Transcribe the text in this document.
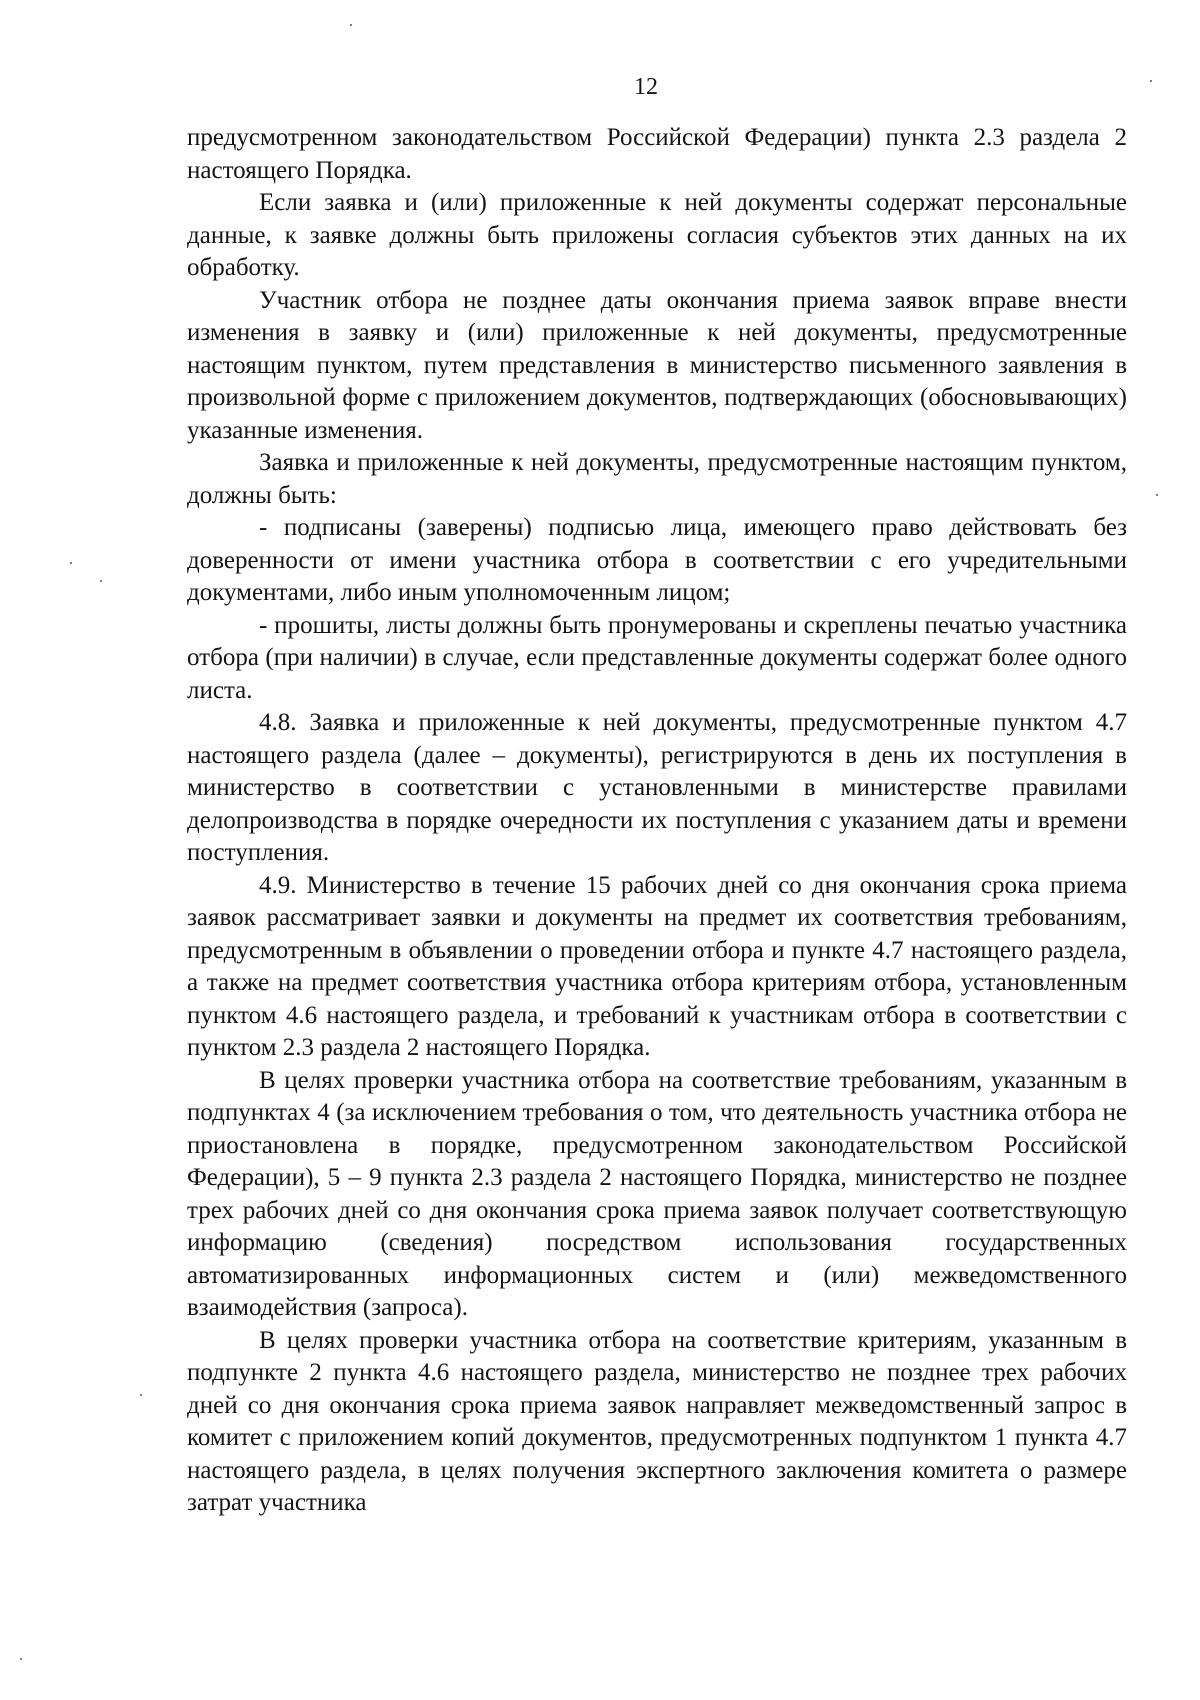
12

предусмотренном законодательством Российской Федерации) пункта 2.3 раздела 2 настоящего Порядка.

Если заявка и (или) приложенные к ней документы содержат персональные данные, к заявке должны быть приложены согласия субъектов этих данных на их обработку.

Участник отбора не позднее даты окончания приема заявок вправе внести изменения в заявку и (или) приложенные к ней документы, предусмотренные настоящим пунктом, путем представления в министерство письменного заявления в произвольной форме с приложением документов, подтверждающих (обосновывающих) указанные изменения.

Заявка и приложенные к ней документы, предусмотренные настоящим пунктом, должны быть:

- подписаны (заверены) подписью лица, имеющего право действовать без доверенности от имени участника отбора в соответствии с его учредительными документами, либо иным уполномоченным лицом;

- прошиты, листы должны быть пронумерованы и скреплены печатью участника отбора (при наличии) в случае, если представленные документы содержат более одного листа.

4.8. Заявка и приложенные к ней документы, предусмотренные пунктом 4.7 настоящего раздела (далее – документы), регистрируются в день их поступления в министерство в соответствии с установленными в министерстве правилами делопроизводства в порядке очередности их поступления с указанием даты и времени поступления.

4.9. Министерство в течение 15 рабочих дней со дня окончания срока приема заявок рассматривает заявки и документы на предмет их соответствия требованиям, предусмотренным в объявлении о проведении отбора и пункте 4.7 настоящего раздела, а также на предмет соответствия участника отбора критериям отбора, установленным пунктом 4.6 настоящего раздела, и требований к участникам отбора в соответствии с пунктом 2.3 раздела 2 настоящего Порядка.

В целях проверки участника отбора на соответствие требованиям, указанным в подпунктах 4 (за исключением требования о том, что деятельность участника отбора не приостановлена в порядке, предусмотренном законодательством Российской Федерации), 5 – 9 пункта 2.3 раздела 2 настоящего Порядка, министерство не позднее трех рабочих дней со дня окончания срока приема заявок получает соответствующую информацию (сведения) посредством использования государственных автоматизированных информационных систем и (или) межведомственного взаимодействия (запроса).

В целях проверки участника отбора на соответствие критериям, указанным в подпункте 2 пункта 4.6 настоящего раздела, министерство не позднее трех рабочих дней со дня окончания срока приема заявок направляет межведомственный запрос в комитет с приложением копий документов, предусмотренных подпунктом 1 пункта 4.7 настоящего раздела, в целях получения экспертного заключения комитета о размере затрат участника
